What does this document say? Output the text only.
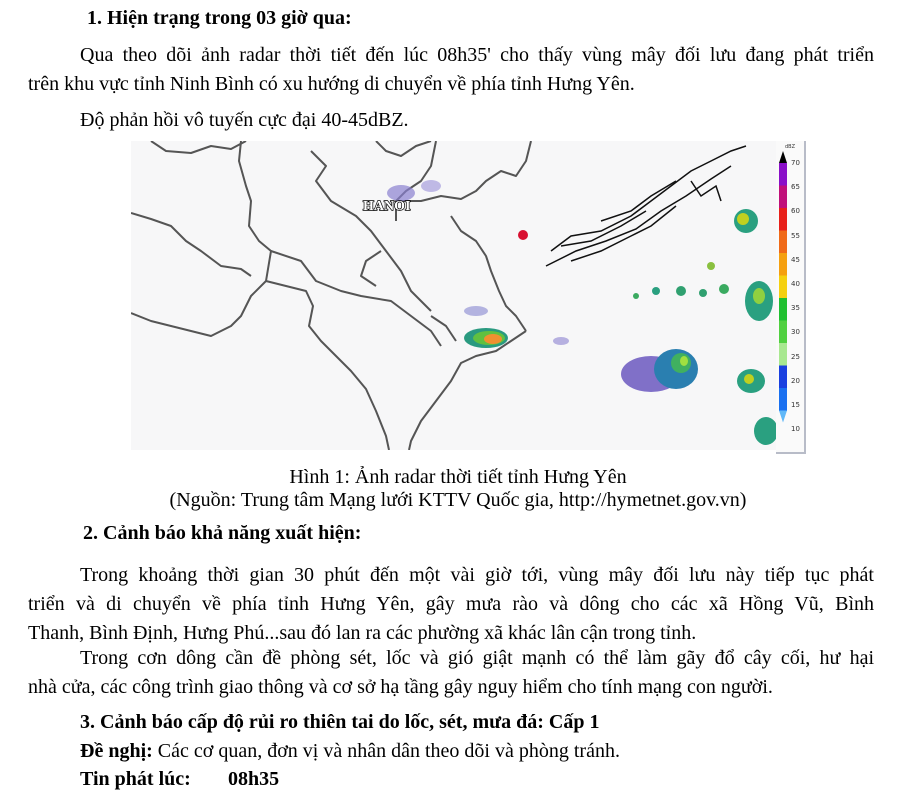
1. Hiện trạng trong 03 giờ qua:
Qua theo dõi ảnh radar thời tiết đến lúc 08h35' cho thấy vùng mây đối lưu đang phát triển
trên khu vực tỉnh Ninh Bình có xu hướng di chuyển về phía tỉnh Hưng Yên.
Độ phản hồi vô tuyến cực đại 40-45dBZ.
HANOI
dBZ
70
65
60
55
45
40
35
30
25
20
15
10
Hình 1: Ảnh radar thời tiết tỉnh Hưng Yên
(Nguồn: Trung tâm Mạng lưới KTTV Quốc gia, http://hymetnet.gov.vn)
2. Cảnh báo khả năng xuất hiện:
Trong khoảng thời gian 30 phút đến một vài giờ tới, vùng mây đối lưu này tiếp tục phát
triển và di chuyển về phía tỉnh Hưng Yên, gây mưa rào và dông cho các xã Hồng Vũ, Bình
Thanh, Bình Định, Hưng Phú...sau đó lan ra các phường xã khác lân cận trong tỉnh.
Trong cơn dông cần đề phòng sét, lốc và gió giật mạnh có thể làm gãy đổ cây cối, hư hại
nhà cửa, các công trình giao thông và cơ sở hạ tầng gây nguy hiểm cho tính mạng con người.
3. Cảnh báo cấp độ rủi ro thiên tai do lốc, sét, mưa đá: Cấp 1
Đề nghị: Các cơ quan, đơn vị và nhân dân theo dõi và phòng tránh.
Tin phát lúc: 08h35
